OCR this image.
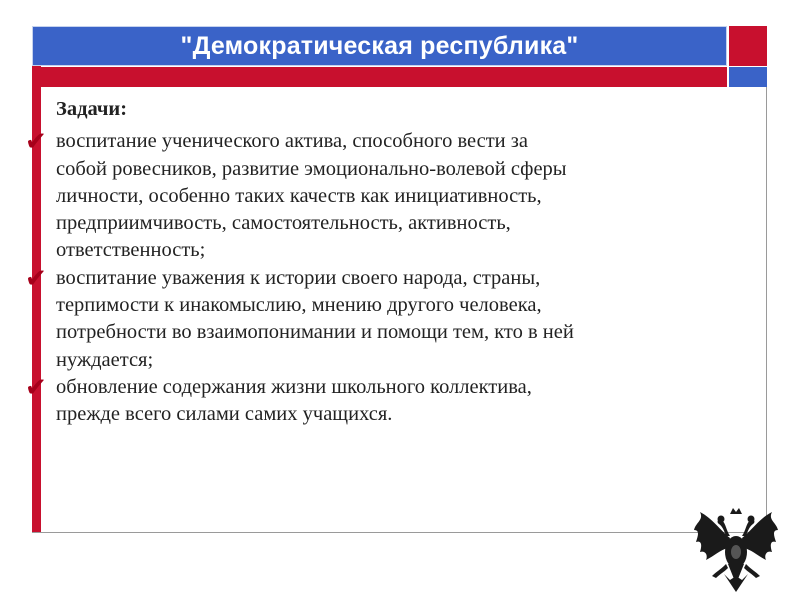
"Демократическая республика"
Задачи:
✔ воспитание ученического актива, способного вести за
собой ровесников, развитие эмоционально-волевой сферы
личности, особенно таких качеств как инициативность,
предприимчивость, самостоятельность, активность,
ответственность;
✔ воспитание уважения к истории своего народа, страны,
терпимости к инакомыслию, мнению другого человека,
потребности во взаимопонимании и помощи тем, кто в ней
нуждается;
✔ обновление содержания жизни школьного коллектива,
прежде всего силами самих учащихся.
